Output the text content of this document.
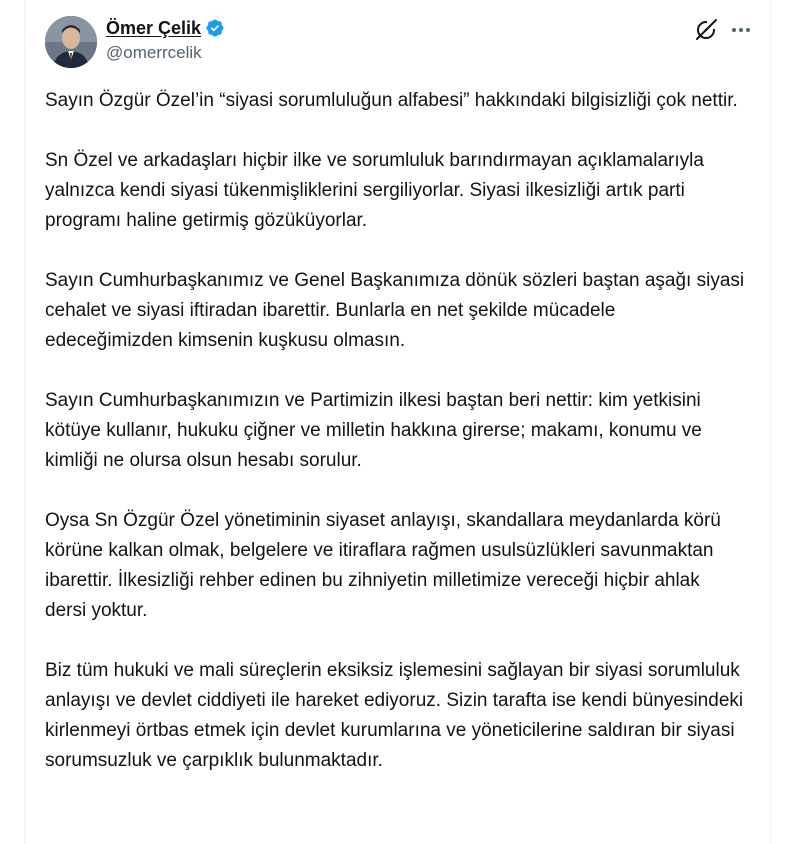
Ömer Çelik
@omerrcelik

Sayın Özgür Özel’in “siyasi sorumluluğun alfabesi” hakkındaki bilgisizliği çok nettir.

Sn Özel ve arkadaşları hiçbir ilke ve sorumluluk barındırmayan açıklamalarıyla yalnızca kendi siyasi tükenmişliklerini sergiliyorlar. Siyasi ilkesizliği artık parti programı haline getirmiş gözüküyorlar.

Sayın Cumhurbaşkanımız ve Genel Başkanımıza dönük sözleri baştan aşağı siyasi cehalet ve siyasi iftiradan ibarettir. Bunlarla en net şekilde mücadele edeceğimizden kimsenin kuşkusu olmasın.

Sayın Cumhurbaşkanımızın ve Partimizin ilkesi baştan beri nettir: kim yetkisini kötüye kullanır, hukuku çiğner ve milletin hakkına girerse; makamı, konumu ve kimliği ne olursa olsun hesabı sorulur.

Oysa Sn Özgür Özel yönetiminin siyaset anlayışı, skandallara meydanlarda körü körüne kalkan olmak, belgelere ve itiraflara rağmen usulsüzlükleri savunmaktan ibarettir. İlkesizliği rehber edinen bu zihniyetin milletimize vereceği hiçbir ahlak dersi yoktur.

Biz tüm hukuki ve mali süreçlerin eksiksiz işlemesini sağlayan bir siyasi sorumluluk anlayışı ve devlet ciddiyeti ile hareket ediyoruz. Sizin tarafta ise kendi bünyesindeki kirlenmeyi örtbas etmek için devlet kurumlarına ve yöneticilerine saldıran bir siyasi sorumsuzluk ve çarpıklık bulunmaktadır.
